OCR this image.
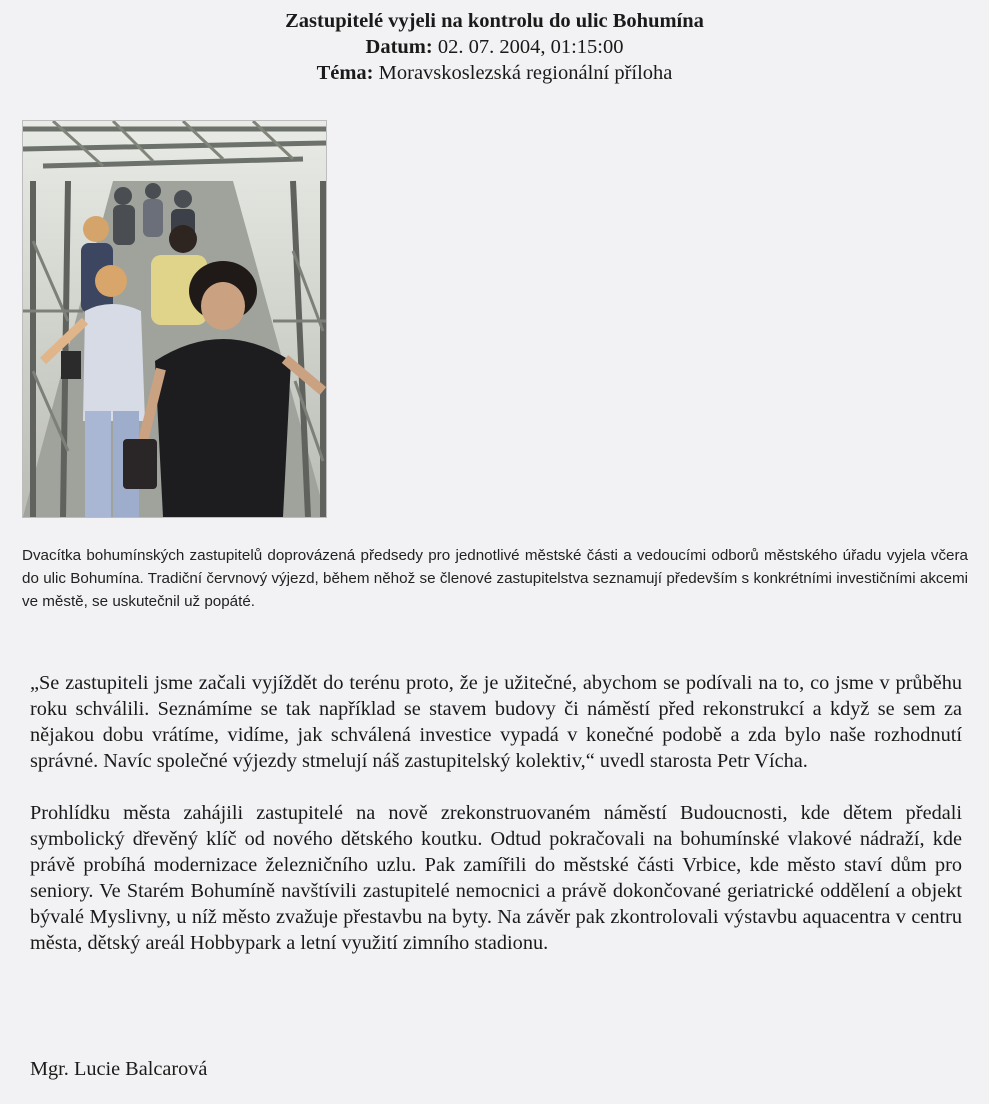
Zastupitelé vyjeli na kontrolu do ulic Bohumína
Datum: 02. 07. 2004, 01:15:00
Téma: Moravskoslezská regionální příloha

Dvacítka bohumínských zastupitelů doprovázená předsedy pro jednotlivé městské části a vedoucími odborů městského úřadu vyjela včera do ulic Bohumína. Tradiční červnový výjezd, během něhož se členové zastupitelstva seznamují především s konkrétními investičními akcemi ve městě, se uskutečnil už popáté.

„Se zastupiteli jsme začali vyjíždět do terénu proto, že je užitečné, abychom se podívali na to, co jsme v průběhu roku schválili. Seznámíme se tak například se stavem budovy či náměstí před rekonstrukcí a když se sem za nějakou dobu vrátíme, vidíme, jak schválená investice vypadá v konečné podobě a zda bylo naše rozhodnutí správné. Navíc společné výjezdy stmelují náš zastupitelský kolektiv,“ uvedl starosta Petr Vícha.

Prohlídku města zahájili zastupitelé na nově zrekonstruovaném náměstí Budoucnosti, kde dětem předali symbolický dřevěný klíč od nového dětského koutku. Odtud pokračovali na bohumínské vlakové nádraží, kde právě probíhá modernizace železničního uzlu. Pak zamířili do městské části Vrbice, kde město staví dům pro seniory. Ve Starém Bohumíně navštívili zastupitelé nemocnici a právě dokončované geriatrické oddělení a objekt bývalé Myslivny, u níž město zvažuje přestavbu na byty. Na závěr pak zkontrolovali výstavbu aquacentra v centru města, dětský areál Hobbypark a letní využití zimního stadionu.

Mgr. Lucie Balcarová
